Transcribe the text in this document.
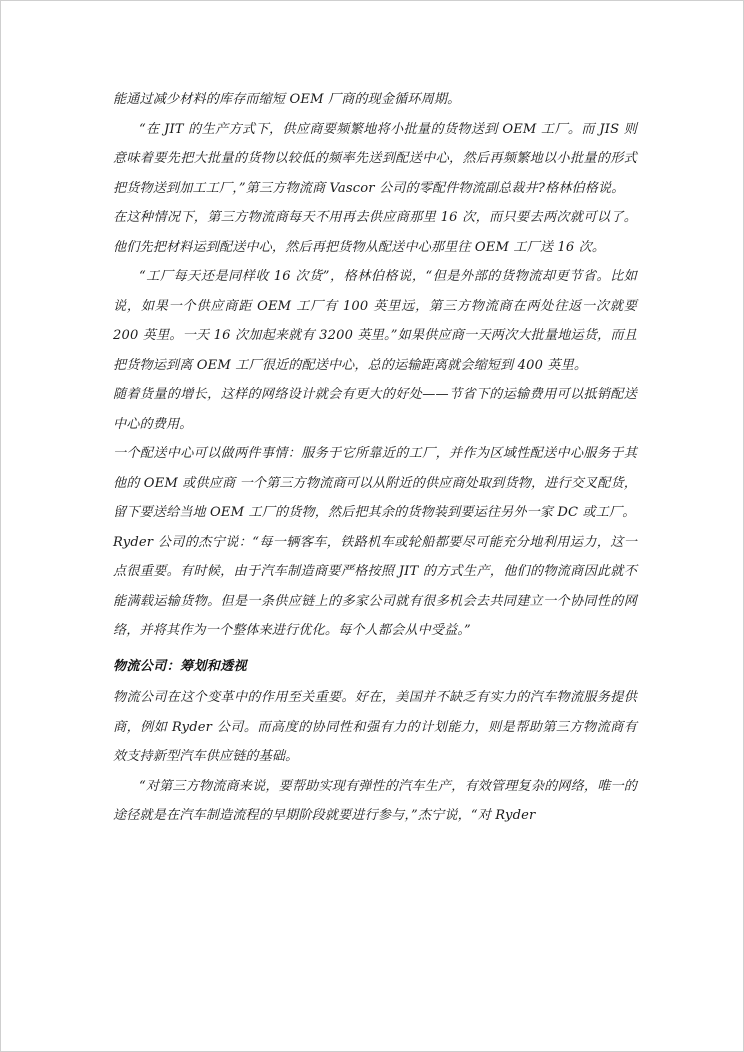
能通过减少材料的库存而缩短 OEM 厂商的现金循环周期。

“在 JIT 的生产方式下，供应商要频繁地将小批量的货物送到 OEM 工厂。而 JIS 则意味着要先把大批量的货物以较低的频率先送到配送中心，然后再频繁地以小批量的形式把货物送到加工工厂，”第三方物流商 Vascor 公司的零配件物流副总裁井?格林伯格说。

在这种情况下，第三方物流商每天不用再去供应商那里 16 次，而只要去两次就可以了。他们先把材料运到配送中心，然后再把货物从配送中心那里往 OEM 工厂送 16 次。

“工厂每天还是同样收 16 次货”，格林伯格说，“但是外部的货物流却更节省。比如说，如果一个供应商距 OEM 工厂有 100 英里远，第三方物流商在两处往返一次就要 200 英里。一天 16 次加起来就有 3200 英里。”如果供应商一天两次大批量地运货，而且把货物运到离 OEM 工厂很近的配送中心，总的运输距离就会缩短到 400 英里。

随着货量的增长，这样的网络设计就会有更大的好处——节省下的运输费用可以抵销配送中心的费用。

一个配送中心可以做两件事情：服务于它所靠近的工厂，并作为区域性配送中心服务于其他的 OEM 或供应商 一个第三方物流商可以从附近的供应商处取到货物，进行交叉配货，留下要送给当地 OEM 工厂的货物，然后把其余的货物装到要运往另外一家 DC 或工厂。

Ryder 公司的杰宁说：“每一辆客车，铁路机车或轮船都要尽可能充分地利用运力，这一点很重要。有时候，由于汽车制造商要严格按照 JIT 的方式生产，他们的物流商因此就不能满载运输货物。但是一条供应链上的多家公司就有很多机会去共同建立一个协同性的网络，并将其作为一个整体来进行优化。每个人都会从中受益。”

物流公司：筹划和透视

物流公司在这个变革中的作用至关重要。好在，美国并不缺乏有实力的汽车物流服务提供商，例如 Ryder 公司。而高度的协同性和强有力的计划能力，则是帮助第三方物流商有效支持新型汽车供应链的基础。

“对第三方物流商来说，要帮助实现有弹性的汽车生产，有效管理复杂的网络，唯一的途径就是在汽车制造流程的早期阶段就要进行参与，”杰宁说，“对 Ryder
